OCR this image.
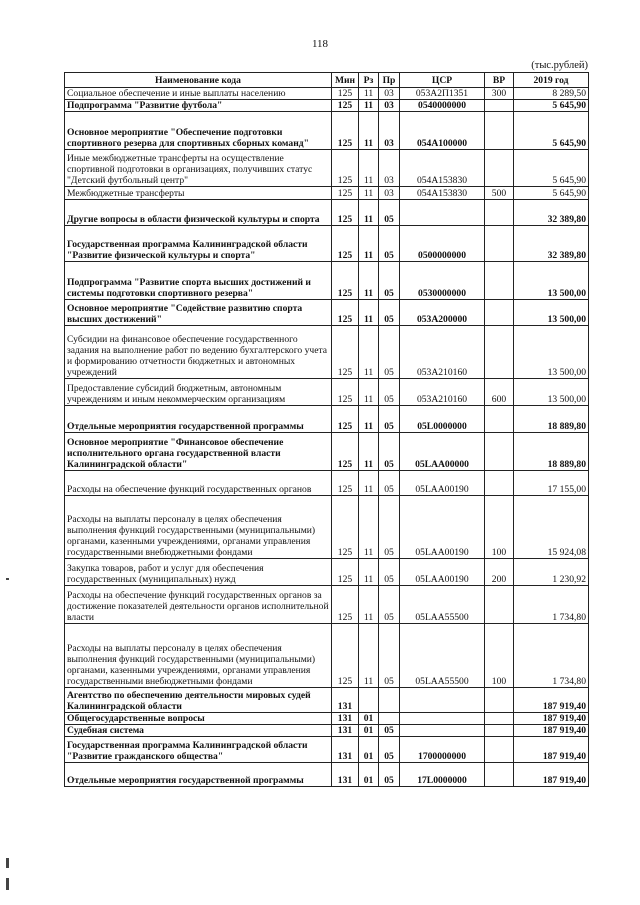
118
(тыс.рублей)
Наименование кода	Мин	Рз	Пр	ЦСР	ВР	2019 год
Социальное обеспечение и иные выплаты населению	125	11	03	053А2П1351	300	8 289,50
Подпрограмма "Развитие футбола"	125	11	03	0540000000		5 645,90
Основное мероприятие "Обеспечение подготовки спортивного резерва для спортивных сборных команд"	125	11	03	054А100000		5 645,90
Иные межбюджетные трансферты на осуществление спортивной подготовки в организациях, получивших статус "Детский футбольный центр"	125	11	03	054А153830		5 645,90
Межбюджетные трансферты	125	11	03	054А153830	500	5 645,90
Другие вопросы в области физической культуры и спорта	125	11	05			32 389,80
Государственная программа Калининградской области "Развитие физической культуры и спорта"	125	11	05	0500000000		32 389,80
Подпрограмма "Развитие спорта высших достижений и системы подготовки спортивного резерва"	125	11	05	0530000000		13 500,00
Основное мероприятие "Содействие развитию спорта высших достижений"	125	11	05	053А200000		13 500,00
Субсидии на финансовое обеспечение государственного задания на выполнение работ по ведению бухгалтерского учета и формированию отчетности бюджетных и автономных учреждений	125	11	05	053А210160		13 500,00
Предоставление субсидий бюджетным, автономным учреждениям и иным некоммерческим организациям	125	11	05	053А210160	600	13 500,00
Отдельные мероприятия государственной программы	125	11	05	05L0000000		18 889,80
Основное мероприятие "Финансовое обеспечение исполнительного органа государственной власти Калининградской области"	125	11	05	05LАА00000		18 889,80
Расходы на обеспечение функций государственных органов	125	11	05	05LАА00190		17 155,00
Расходы на выплаты персоналу в целях обеспечения выполнения функций государственными (муниципальными) органами, казенными учреждениями, органами управления государственными внебюджетными фондами	125	11	05	05LАА00190	100	15 924,08
Закупка товаров, работ и услуг для обеспечения государственных (муниципальных) нужд	125	11	05	05LАА00190	200	1 230,92
Расходы на обеспечение функций государственных органов за достижение показателей деятельности органов исполнительной власти	125	11	05	05LАА55500		1 734,80
Расходы на выплаты персоналу в целях обеспечения выполнения функций государственными (муниципальными) органами, казенными учреждениями, органами управления государственными внебюджетными фондами	125	11	05	05LАА55500	100	1 734,80
Агентство по обеспечению деятельности мировых судей Калининградской области	131					187 919,40
Общегосударственные вопросы	131	01				187 919,40
Судебная система	131	01	05			187 919,40
Государственная программа Калининградской области "Развитие гражданского общества"	131	01	05	1700000000		187 919,40
Отдельные мероприятия государственной программы	131	01	05	17L0000000		187 919,40
